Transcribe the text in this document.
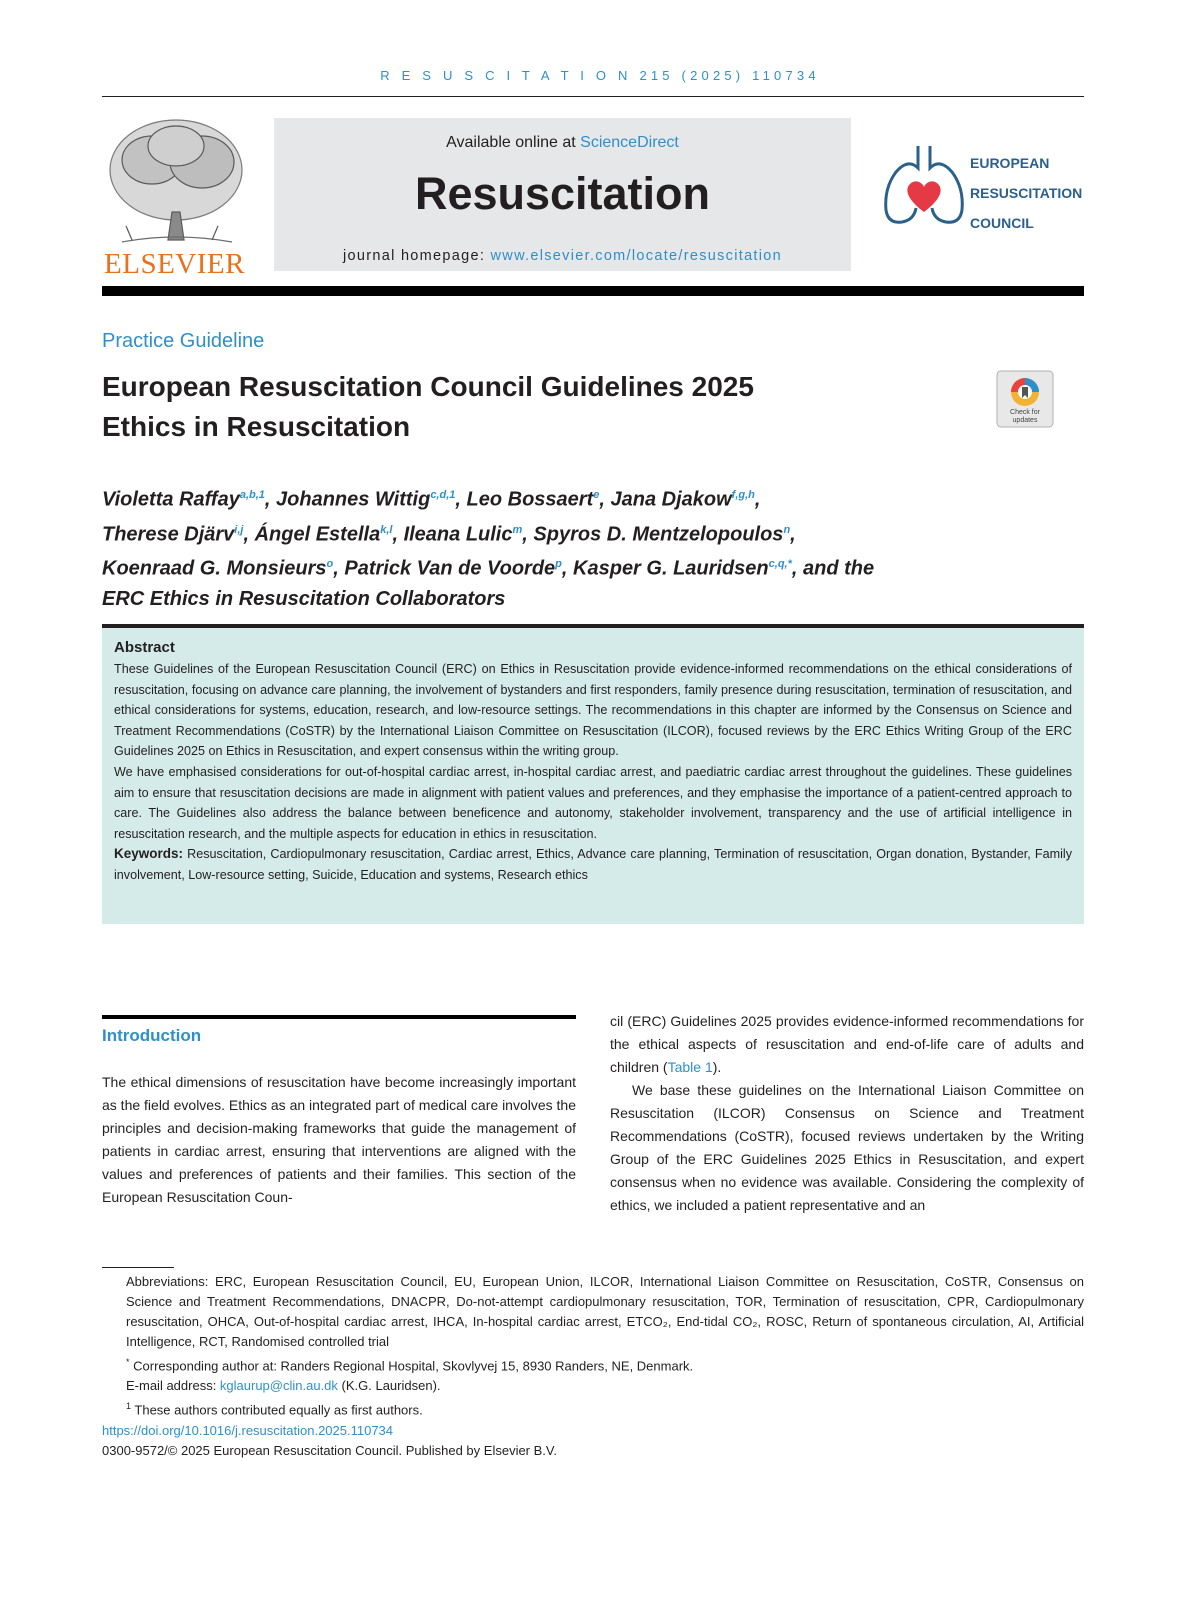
R E S U S C I T A T I O N 215 (2025) 110734
ELSEVIER
Available online at ScienceDirect
Resuscitation
journal homepage: www.elsevier.com/locate/resuscitation
EUROPEAN
RESUSCITATION
COUNCIL
Practice Guideline
European Resuscitation Council Guidelines 2025
Ethics in Resuscitation	Check for
updates
Violetta Raffay$^{a,b,1}$, Johannes Wittig$^{c,d,1}$, Leo Bossaert$^e$, Jana Djakow$^{f,g,h}$,
Therese Djärv$^{i,j}$, Ángel Estella$^{k,l}$, Ileana Lulic$^m$, Spyros D. Mentzelopoulos$^n$,
Koenraad G. Monsieurs$^o$, Patrick Van de Voorde$^p$, Kasper G. Lauridsen$^{c,q,*}$, and the
ERC Ethics in Resuscitation Collaborators
Abstract

These Guidelines of the European Resuscitation Council (ERC) on Ethics in Resuscitation provide evidence-informed recommendations on the ethical considerations of resuscitation, focusing on advance care planning, the involvement of bystanders and first responders, family presence during resuscitation, termination of resuscitation, and ethical considerations for systems, education, research, and low-resource settings. The recommendations in this chapter are informed by the Consensus on Science and Treatment Recommendations (CoSTR) by the International Liaison Committee on Resuscitation (ILCOR), focused reviews by the ERC Ethics Writing Group of the ERC Guidelines 2025 on Ethics in Resuscitation, and expert consensus within the writing group.

We have emphasised considerations for out-of-hospital cardiac arrest, in-hospital cardiac arrest, and paediatric cardiac arrest throughout the guidelines. These guidelines aim to ensure that resuscitation decisions are made in alignment with patient values and preferences, and they emphasise the importance of a patient-centred approach to care. The Guidelines also address the balance between beneficence and autonomy, stakeholder involvement, transparency and the use of artificial intelligence in resuscitation research, and the multiple aspects for education in ethics in resuscitation.

Keywords: Resuscitation, Cardiopulmonary resuscitation, Cardiac arrest, Ethics, Advance care planning, Termination of resuscitation, Organ donation, Bystander, Family involvement, Low-resource setting, Suicide, Education and systems, Research ethics

Introduction

The ethical dimensions of resuscitation have become increasingly important as the field evolves. Ethics as an integrated part of medical care involves the principles and decision-making frameworks that guide the management of patients in cardiac arrest, ensuring that interventions are aligned with the values and preferences of patients and their families. This section of the European Resuscitation Coun-

cil (ERC) Guidelines 2025 provides evidence-informed recommendations for the ethical aspects of resuscitation and end-of-life care of adults and children (Table 1).

We base these guidelines on the International Liaison Committee on Resuscitation (ILCOR) Consensus on Science and Treatment Recommendations (CoSTR), focused reviews undertaken by the Writing Group of the ERC Guidelines 2025 Ethics in Resuscitation, and expert consensus when no evidence was available. Considering the complexity of ethics, we included a patient representative and an

Abbreviations: ERC, European Resuscitation Council, EU, European Union, ILCOR, International Liaison Committee on Resuscitation, CoSTR, Consensus on Science and Treatment Recommendations, DNACPR, Do-not-attempt cardiopulmonary resuscitation, TOR, Termination of resuscitation, CPR, Cardiopulmonary resuscitation, OHCA, Out-of-hospital cardiac arrest, IHCA, In-hospital cardiac arrest, ETCO₂, End-tidal CO₂, ROSC, Return of spontaneous circulation, AI, Artificial Intelligence, RCT, Randomised controlled trial

* Corresponding author at: Randers Regional Hospital, Skovlyvej 15, 8930 Randers, NE, Denmark.

E-mail address: kglaurup@clin.au.dk (K.G. Lauridsen).

$^1$ These authors contributed equally as first authors.

https://doi.org/10.1016/j.resuscitation.2025.110734

0300-9572/© 2025 European Resuscitation Council. Published by Elsevier B.V.
